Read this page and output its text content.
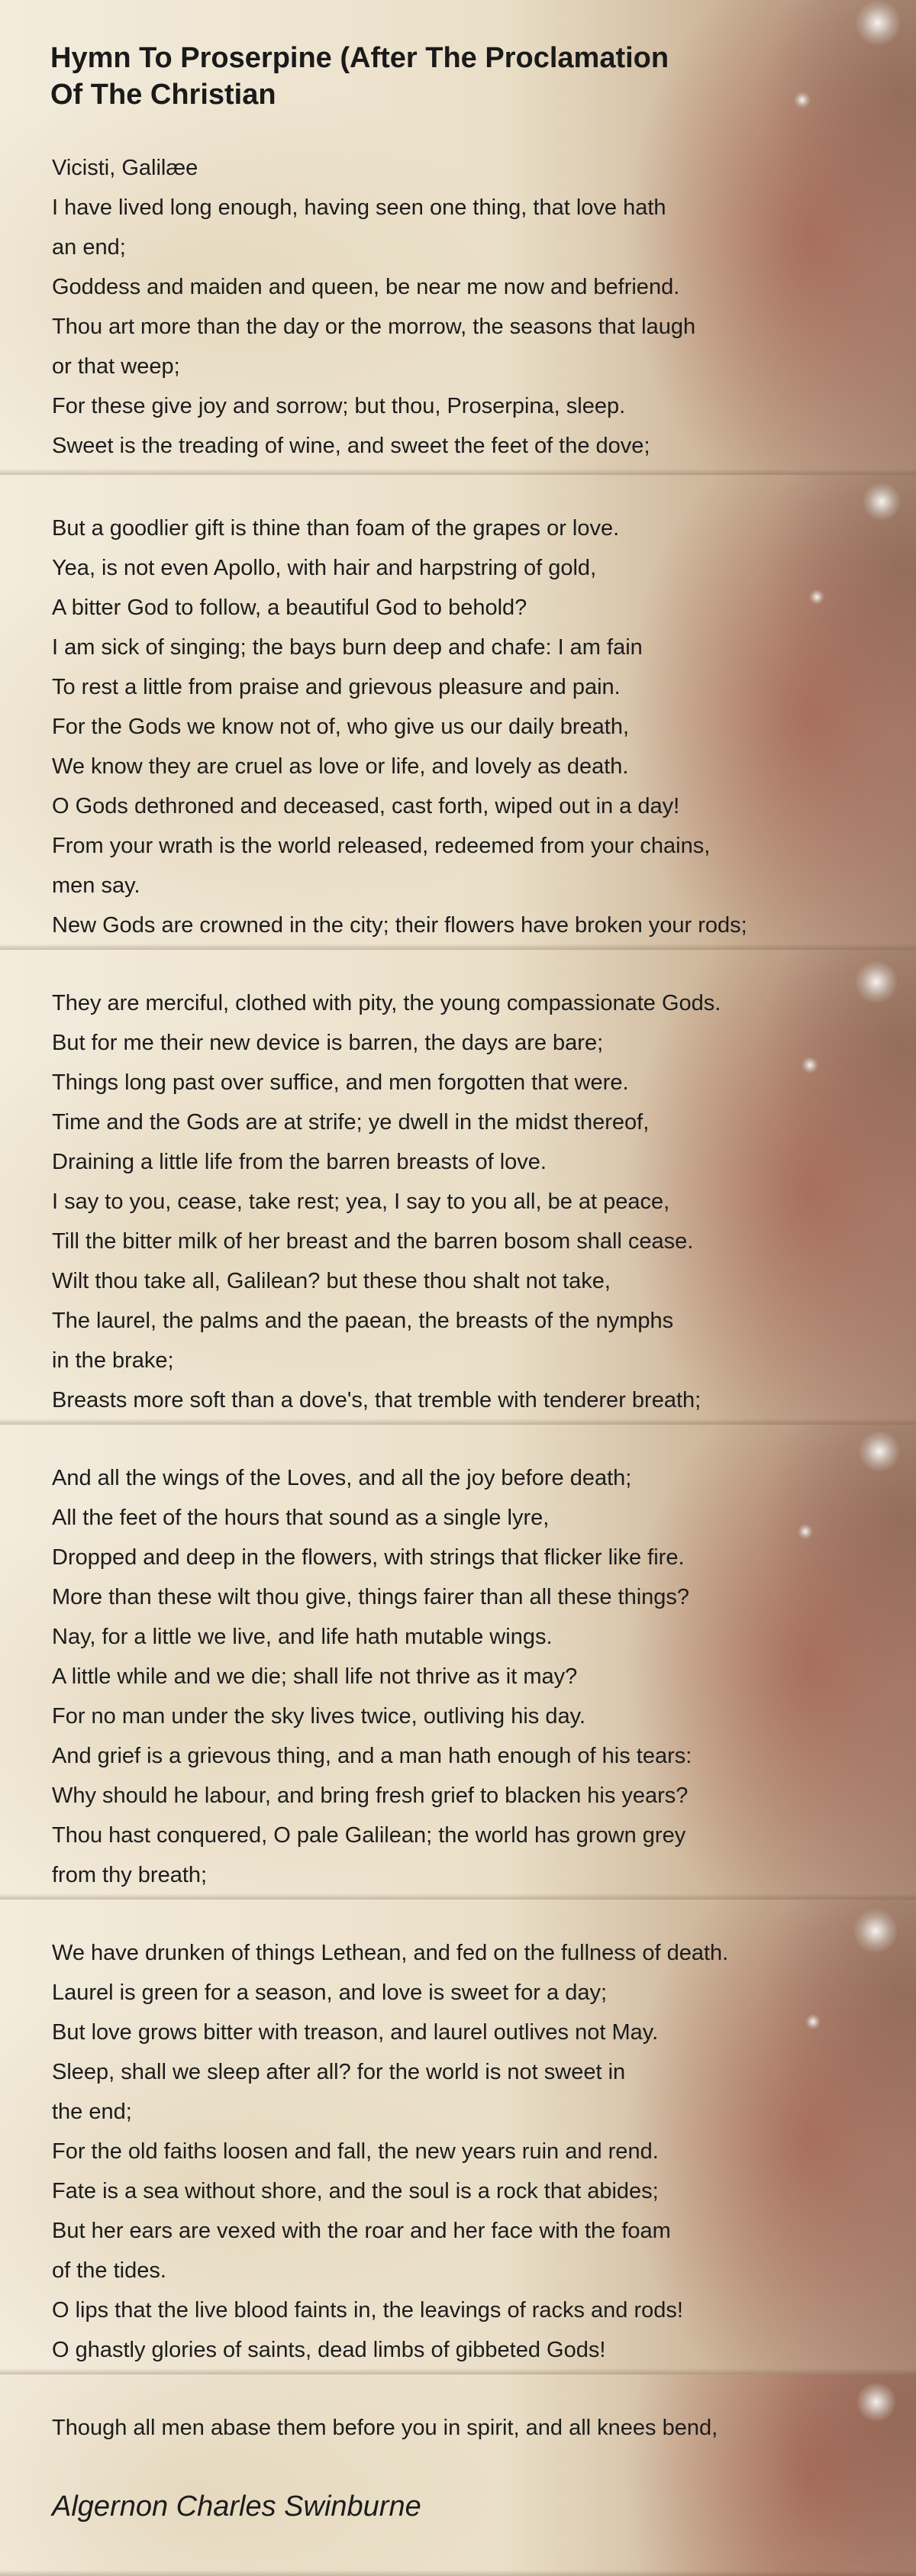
Hymn To Proserpine (After The Proclamation
Of The Christian
Vicisti, Galilæe
I have lived long enough, having seen one thing, that love hath
an end;
Goddess and maiden and queen, be near me now and befriend.
Thou art more than the day or the morrow, the seasons that laugh
or that weep;
For these give joy and sorrow; but thou, Proserpina, sleep.
Sweet is the treading of wine, and sweet the feet of the dove;
But a goodlier gift is thine than foam of the grapes or love.
Yea, is not even Apollo, with hair and harpstring of gold,
A bitter God to follow, a beautiful God to behold?
I am sick of singing; the bays burn deep and chafe: I am fain
To rest a little from praise and grievous pleasure and pain.
For the Gods we know not of, who give us our daily breath,
We know they are cruel as love or life, and lovely as death.
O Gods dethroned and deceased, cast forth, wiped out in a day!
From your wrath is the world released, redeemed from your chains,
men say.
New Gods are crowned in the city; their flowers have broken your rods;
They are merciful, clothed with pity, the young compassionate Gods.
But for me their new device is barren, the days are bare;
Things long past over suffice, and men forgotten that were.
Time and the Gods are at strife; ye dwell in the midst thereof,
Draining a little life from the barren breasts of love.
I say to you, cease, take rest; yea, I say to you all, be at peace,
Till the bitter milk of her breast and the barren bosom shall cease.
Wilt thou take all, Galilean? but these thou shalt not take,
The laurel, the palms and the paean, the breasts of the nymphs
in the brake;
Breasts more soft than a dove's, that tremble with tenderer breath;
And all the wings of the Loves, and all the joy before death;
All the feet of the hours that sound as a single lyre,
Dropped and deep in the flowers, with strings that flicker like fire.
More than these wilt thou give, things fairer than all these things?
Nay, for a little we live, and life hath mutable wings.
A little while and we die; shall life not thrive as it may?
For no man under the sky lives twice, outliving his day.
And grief is a grievous thing, and a man hath enough of his tears:
Why should he labour, and bring fresh grief to blacken his years?
Thou hast conquered, O pale Galilean; the world has grown grey
from thy breath;
We have drunken of things Lethean, and fed on the fullness of death.
Laurel is green for a season, and love is sweet for a day;
But love grows bitter with treason, and laurel outlives not May.
Sleep, shall we sleep after all? for the world is not sweet in
the end;
For the old faiths loosen and fall, the new years ruin and rend.
Fate is a sea without shore, and the soul is a rock that abides;
But her ears are vexed with the roar and her face with the foam
of the tides.
O lips that the live blood faints in, the leavings of racks and rods!
O ghastly glories of saints, dead limbs of gibbeted Gods!
Though all men abase them before you in spirit, and all knees bend,
Algernon Charles Swinburne
